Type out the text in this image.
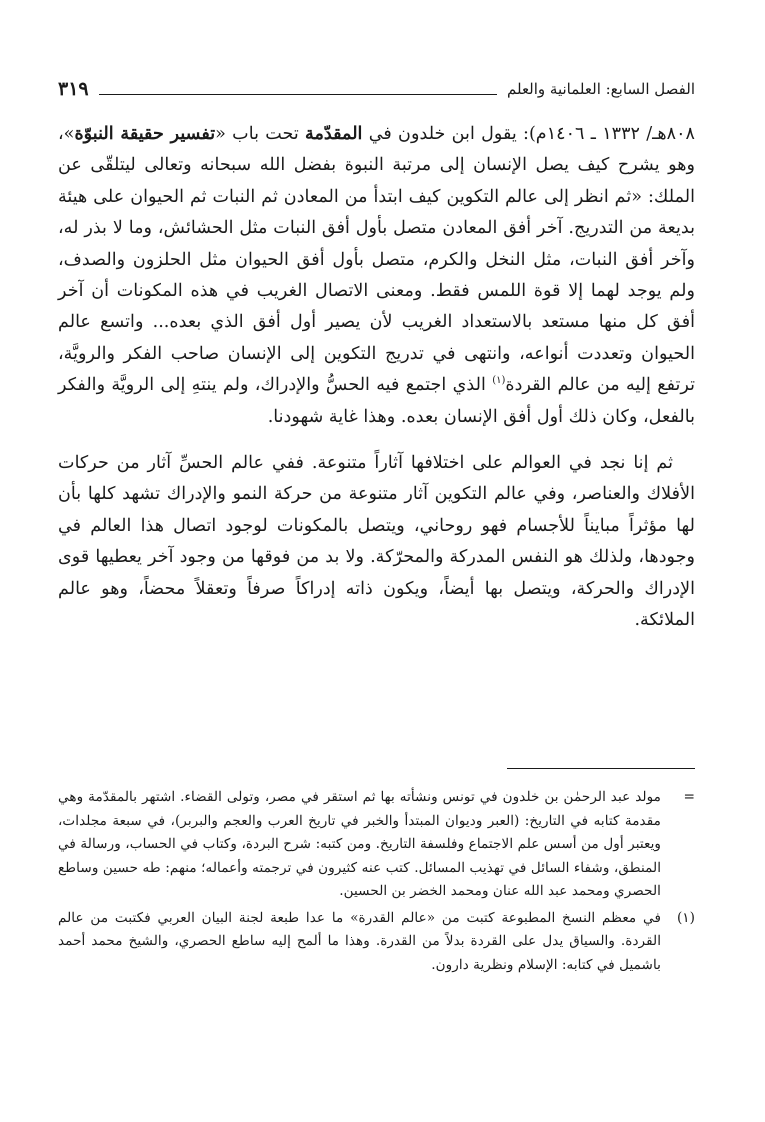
الفصل السابع: العلمانية والعلم
٣١٩

٨٠٨هـ/ ١٣٣٢ ـ ١٤٠٦م): يقول ابن خلدون في المقدّمة تحت باب «تفسير حقيقة النبوّة»، وهو يشرح كيف يصل الإنسان إلى مرتبة النبوة بفضل الله سبحانه وتعالى ليتلقّى عن الملك: «ثم انظر إلى عالم التكوين كيف ابتدأ من المعادن ثم النبات ثم الحيوان على هيئة بديعة من التدريج. آخر أفق المعادن متصل بأول أفق النبات مثل الحشائش، وما لا بذر له، وآخر أفق النبات، مثل النخل والكرم، متصل بأول أفق الحيوان مثل الحلزون والصدف، ولم يوجد لهما إلا قوة اللمس فقط. ومعنى الاتصال الغريب في هذه المكونات أن آخر أفق كل منها مستعد بالاستعداد الغريب لأن يصير أول أفق الذي بعده... واتسع عالم الحيوان وتعددت أنواعه، وانتهى في تدريج التكوين إلى الإنسان صاحب الفكر والرويَّة، ترتفع إليه من عالم القردة$^{(١)}$ الذي اجتمع فيه الحسُّ والإدراك، ولم ينتهِ إلى الرويَّة والفكر بالفعل، وكان ذلك أول أفق الإنسان بعده. وهذا غاية شهودنا.

ثم إنا نجد في العوالم على اختلافها آثاراً متنوعة. ففي عالم الحسِّ آثار من حركات الأفلاك والعناصر، وفي عالم التكوين آثار متنوعة من حركة النمو والإدراك تشهد كلها بأن لها مؤثراً مبايناً للأجسام فهو روحاني، ويتصل بالمكونات لوجود اتصال هذا العالم في وجودها، ولذلك هو النفس المدركة والمحرّكة. ولا بد من فوقها من وجود آخر يعطيها قوى الإدراك والحركة، ويتصل بها أيضاً، ويكون ذاته إدراكاً صرفاً وتعقلاً محضاً، وهو عالم الملائكة.

=
مولد عبد الرحمٰن بن خلدون في تونس ونشأته بها ثم استقر في مصر، وتولى القضاء. اشتهر بالمقدّمة وهي مقدمة كتابه في التاريخ: (العبر وديوان المبتدأ والخبر في تاريخ العرب والعجم والبربر)، في سبعة مجلدات، ويعتبر أول من أسس علم الاجتماع وفلسفة التاريخ. ومن كتبه: شرح البردة، وكتاب في الحساب، ورسالة في المنطق، وشفاء السائل في تهذيب المسائل. كتب عنه كثيرون في ترجمته وأعماله؛ منهم: طه حسين وساطع الحصري ومحمد عبد الله عنان ومحمد الخضر بن الحسين.
(١)
في معظم النسخ المطبوعة كتبت من «عالم القدرة» ما عدا طبعة لجنة البيان العربي فكتبت من عالم القردة. والسياق يدل على القردة بدلاً من القدرة. وهذا ما ألمح إليه ساطع الحصري، والشيخ محمد أحمد باشميل في كتابه: الإسلام ونظرية دارون.
